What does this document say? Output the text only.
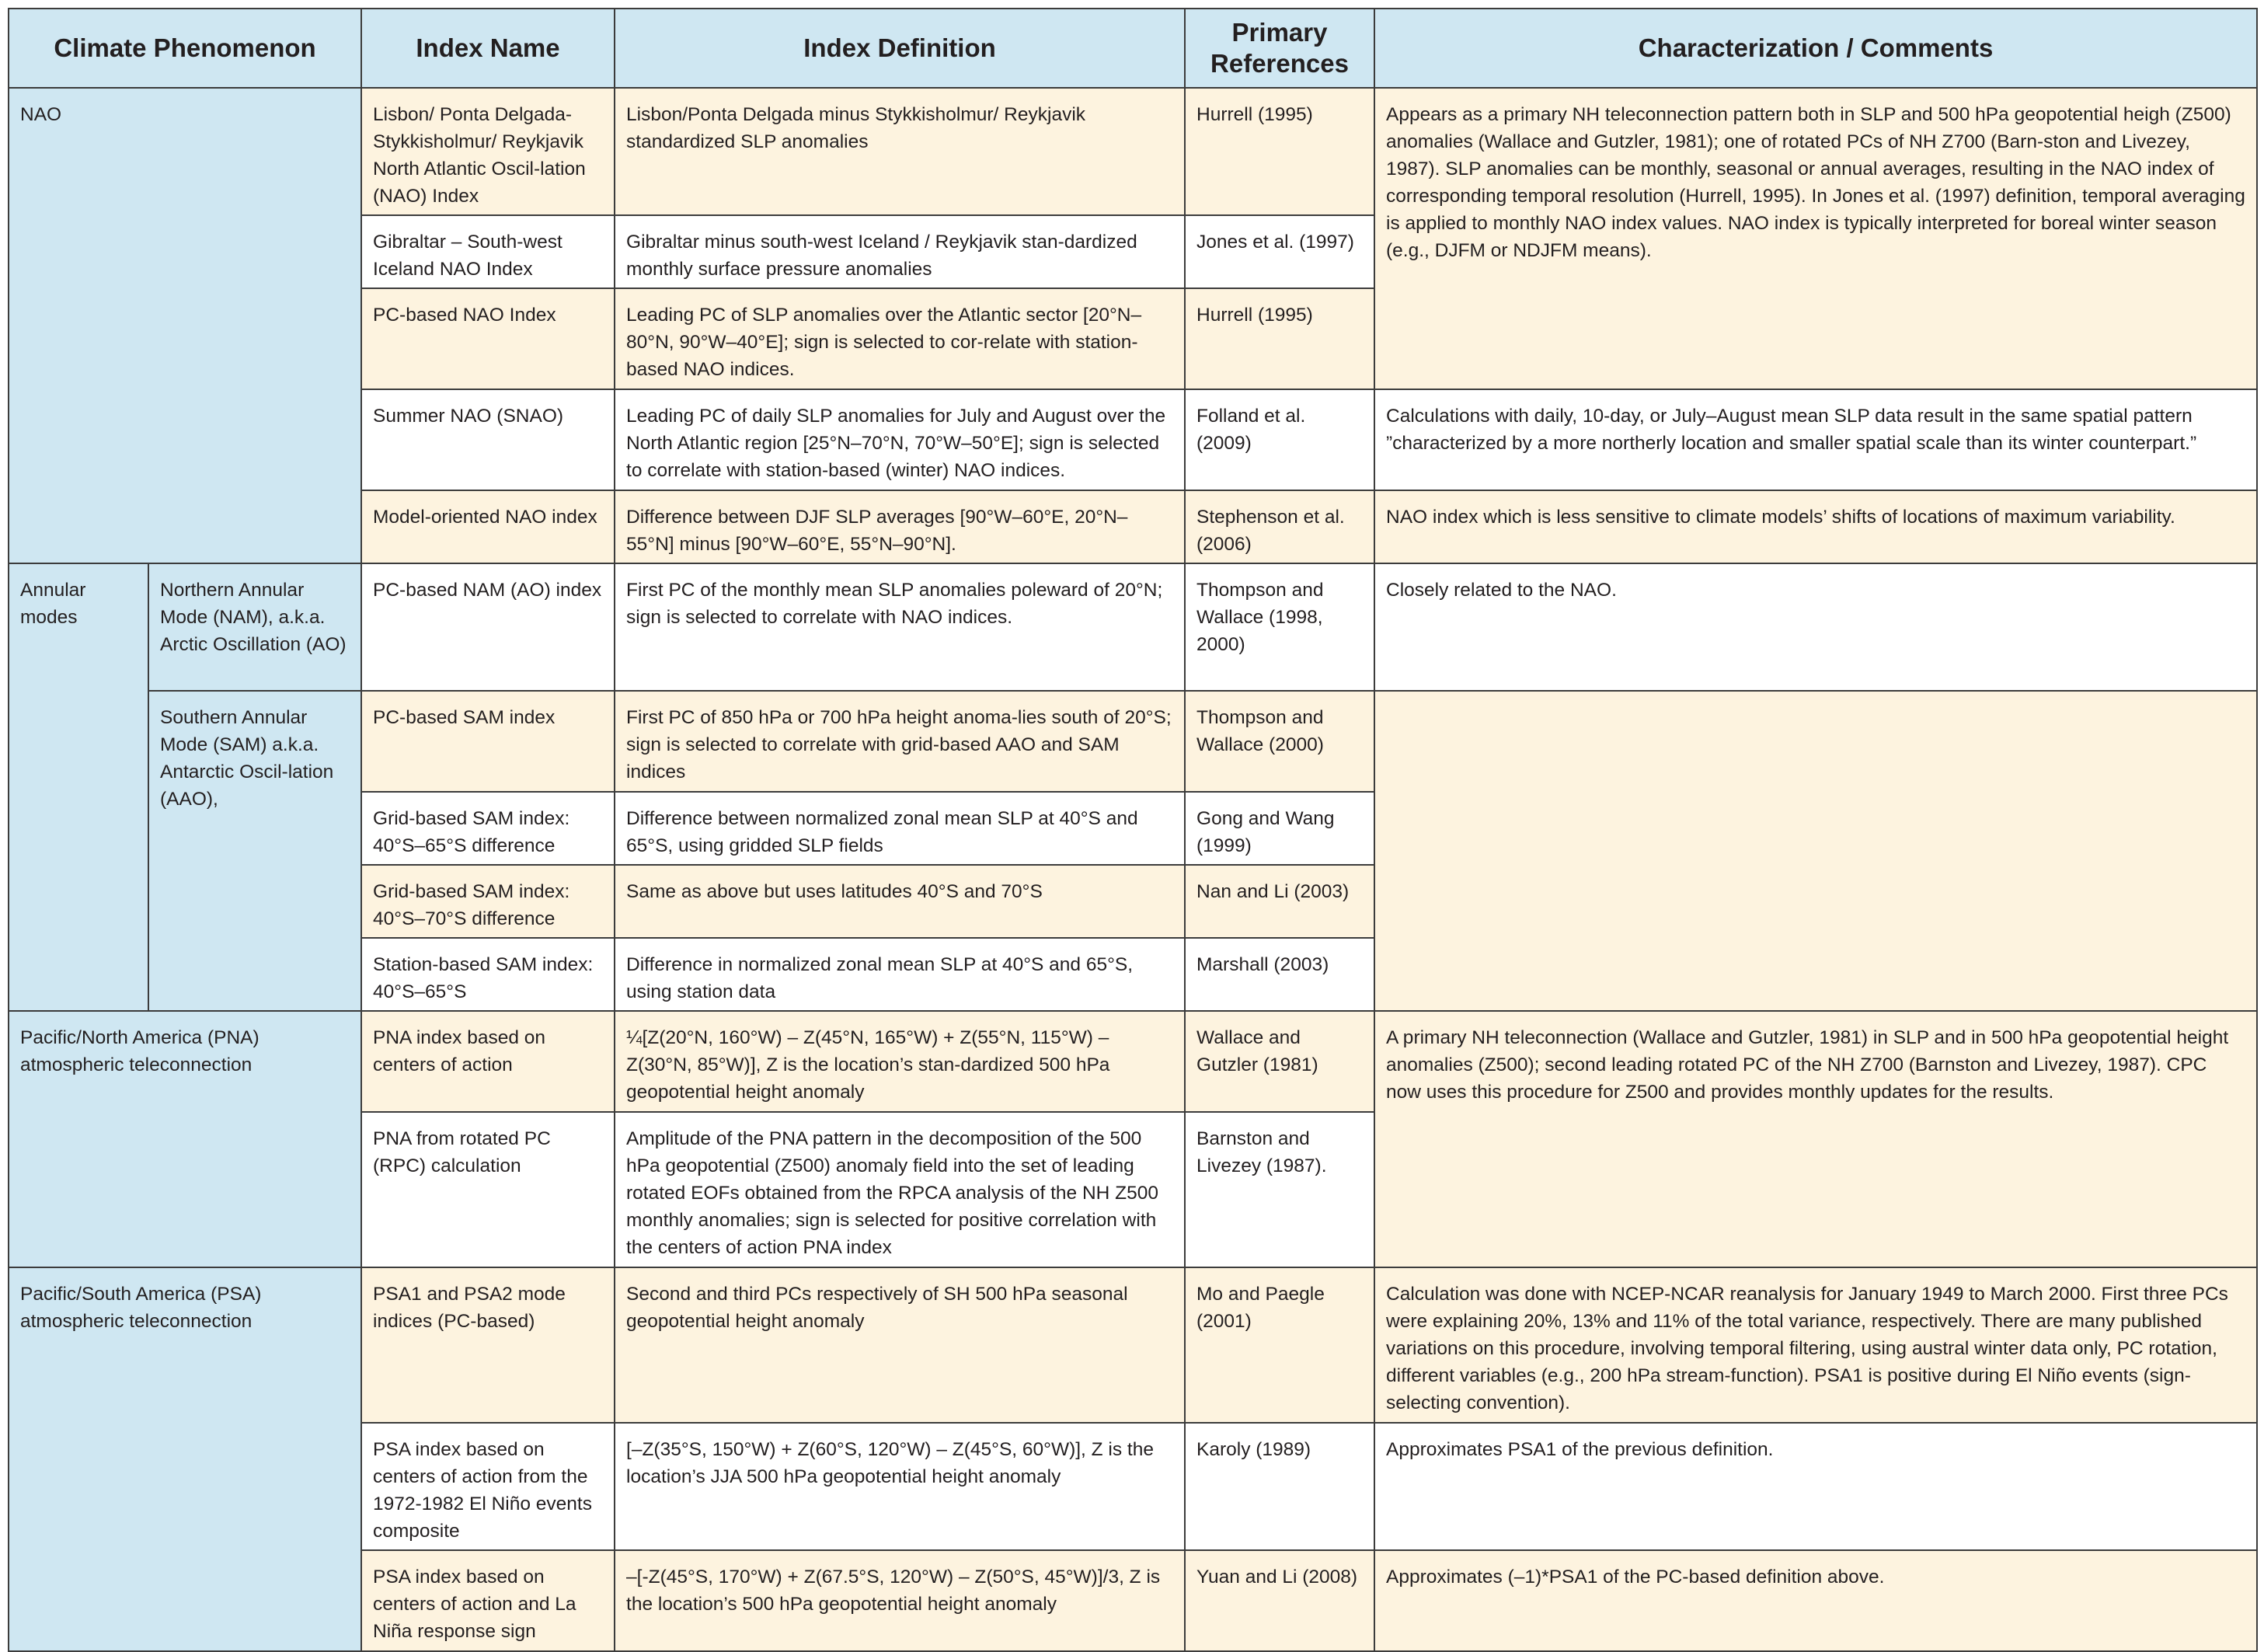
Climate Phenomenon		Index Name	Index Definition	Primary References	Characterization / Comments
NAO		Lisbon/ Ponta Delgada-Stykkisholmur/ Reykjavik North Atlantic Oscil-lation (NAO) Index	Lisbon/Ponta Delgada minus Stykkisholmur/ Reykjavik standardized SLP anomalies	Hurrell (1995)	Appears as a primary NH teleconnection pattern both in SLP and 500 hPa geopotential heigh (Z500) anomalies (Wallace and Gutzler, 1981); one of rotated PCs of NH Z700 (Barn-ston and Livezey, 1987). SLP anomalies can be monthly, seasonal or annual averages, resulting in the NAO index of corresponding temporal resolution (Hurrell, 1995). In Jones et al. (1997) definition, temporal averaging is applied to monthly NAO index values. NAO index is typically interpreted for boreal winter season (e.g., DJFM or NDJFM means).
		Gibraltar – South-west Iceland NAO Index	Gibraltar minus south-west Iceland / Reykjavik stan-dardized monthly surface pressure anomalies	Jones et al. (1997)	
		PC-based NAO Index	Leading PC of SLP anomalies over the Atlantic sector [20°N–80°N, 90°W–40°E]; sign is selected to cor-relate with station-based NAO indices.	Hurrell (1995)	
		Summer NAO (SNAO)	Leading PC of daily SLP anomalies for July and August over the North Atlantic region [25°N–70°N, 70°W–50°E]; sign is selected to correlate with station-based (winter) NAO indices.	Folland et al. (2009)	Calculations with daily, 10-day, or July–August mean SLP data result in the same spatial pattern ”characterized by a more northerly location and smaller spatial scale than its winter counterpart.”
		Model-oriented NAO index	Difference between DJF SLP averages [90°W–60°E, 20°N–55°N] minus [90°W–60°E, 55°N–90°N].	Stephenson et al. (2006)	NAO index which is less sensitive to climate models’ shifts of locations of maximum variability.
Annular modes	Northern Annular Mode (NAM), a.k.a. Arctic Oscillation (AO)	PC-based NAM (AO) index	First PC of the monthly mean SLP anomalies poleward of 20°N; sign is selected to correlate with NAO indices.	Thompson and Wallace (1998, 2000)	Closely related to the NAO.
	Southern Annular Mode (SAM) a.k.a. Antarctic Oscil-lation (AAO),	PC-based SAM index	First PC of 850 hPa or 700 hPa height anoma-lies south of 20°S; sign is selected to correlate with grid-based AAO and SAM indices	Thompson and Wallace (2000)	
		Grid-based SAM index: 40°S–65°S difference	Difference between normalized zonal mean SLP at 40°S and 65°S, using gridded SLP fields	Gong and Wang (1999)	
		Grid-based SAM index: 40°S–70°S difference	Same as above but uses latitudes 40°S and 70°S	Nan and Li (2003)	
		Station-based SAM index: 40°S–65°S	Difference in normalized zonal mean SLP at 40°S and 65°S, using station data	Marshall (2003)	
Pacific/North America (PNA) atmospheric teleconnection		PNA index based on centers of action	¼[Z(20°N, 160°W) – Z(45°N, 165°W) + Z(55°N, 115°W) – Z(30°N, 85°W)], Z is the location’s stan-dardized 500 hPa geopotential height anomaly	Wallace and Gutzler (1981)	A primary NH teleconnection (Wallace and Gutzler, 1981) in SLP and in 500 hPa geopotential height anomalies (Z500); second leading rotated PC of the NH Z700 (Barnston and Livezey, 1987). CPC now uses this procedure for Z500 and provides monthly updates for the results.
		PNA from rotated PC (RPC) calculation	Amplitude of the PNA pattern in the decomposition of the 500 hPa geopotential (Z500) anomaly field into the set of leading rotated EOFs obtained from the RPCA analysis of the NH Z500 monthly anomalies; sign is selected for positive correlation with the centers of action PNA index	Barnston and Livezey (1987).	
Pacific/South America (PSA) atmospheric teleconnection		PSA1 and PSA2 mode indices (PC-based)	Second and third PCs respectively of SH 500 hPa seasonal geopotential height anomaly	Mo and Paegle (2001)	Calculation was done with NCEP-NCAR reanalysis for January 1949 to March 2000. First three PCs were explaining 20%, 13% and 11% of the total variance, respectively. There are many published variations on this procedure, involving temporal filtering, using austral winter data only, PC rotation, different variables (e.g., 200 hPa stream-function). PSA1 is positive during El Niño events (sign-selecting convention).
		PSA index based on centers of action from the 1972-1982 El Niño events composite	[–Z(35°S, 150°W) + Z(60°S, 120°W) – Z(45°S, 60°W)], Z is the location’s JJA 500 hPa geopotential height anomaly	Karoly (1989)	Approximates PSA1 of the previous definition.
		PSA index based on centers of action and La Niña response sign	–[-Z(45°S, 170°W) + Z(67.5°S, 120°W) – Z(50°S, 45°W)]/3, Z is the location’s 500 hPa geopotential height anomaly	Yuan and Li (2008)	Approximates (–1)*PSA1 of the PC-based definition above.
